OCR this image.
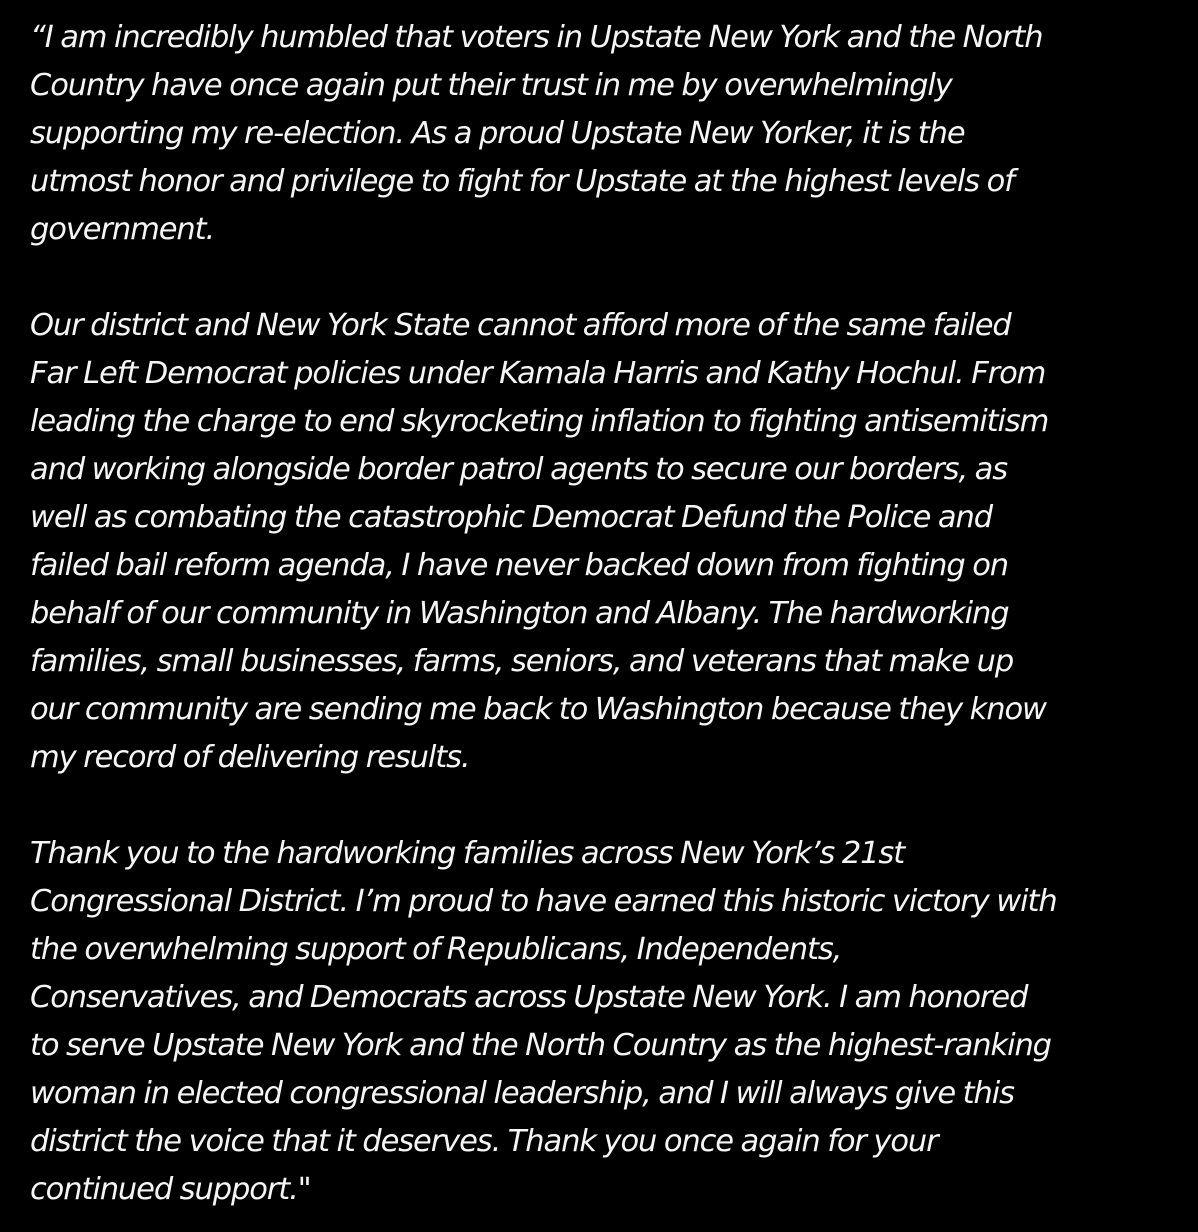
“I am incredibly humbled that voters in Upstate New York and the North
Country have once again put their trust in me by overwhelmingly
supporting my re-election. As a proud Upstate New Yorker, it is the
utmost honor and privilege to fight for Upstate at the highest levels of
government.

Our district and New York State cannot afford more of the same failed
Far Left Democrat policies under Kamala Harris and Kathy Hochul. From
leading the charge to end skyrocketing inflation to fighting antisemitism
and working alongside border patrol agents to secure our borders, as
well as combating the catastrophic Democrat Defund the Police and
failed bail reform agenda, I have never backed down from fighting on
behalf of our community in Washington and Albany. The hardworking
families, small businesses, farms, seniors, and veterans that make up
our community are sending me back to Washington because they know
my record of delivering results.

Thank you to the hardworking families across New York’s 21st
Congressional District. I’m proud to have earned this historic victory with
the overwhelming support of Republicans, Independents,
Conservatives, and Democrats across Upstate New York. I am honored
to serve Upstate New York and the North Country as the highest-ranking
woman in elected congressional leadership, and I will always give this
district the voice that it deserves. Thank you once again for your
continued support."
